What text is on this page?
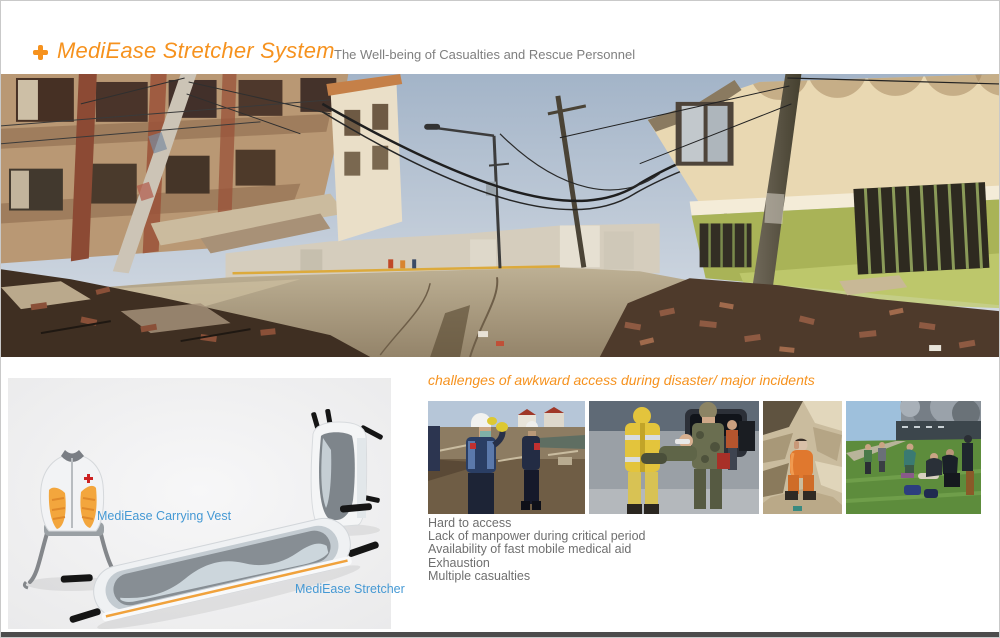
MediEase Stretcher System The Well-being of Casualties and Rescue Personnel
MediEase Carrying Vest
MediEase Stretcher
challenges of awkward access during disaster/ major incidents
Hard to access
Lack of manpower during critical period
Availability of fast mobile medical aid
Exhaustion
Multiple casualties
